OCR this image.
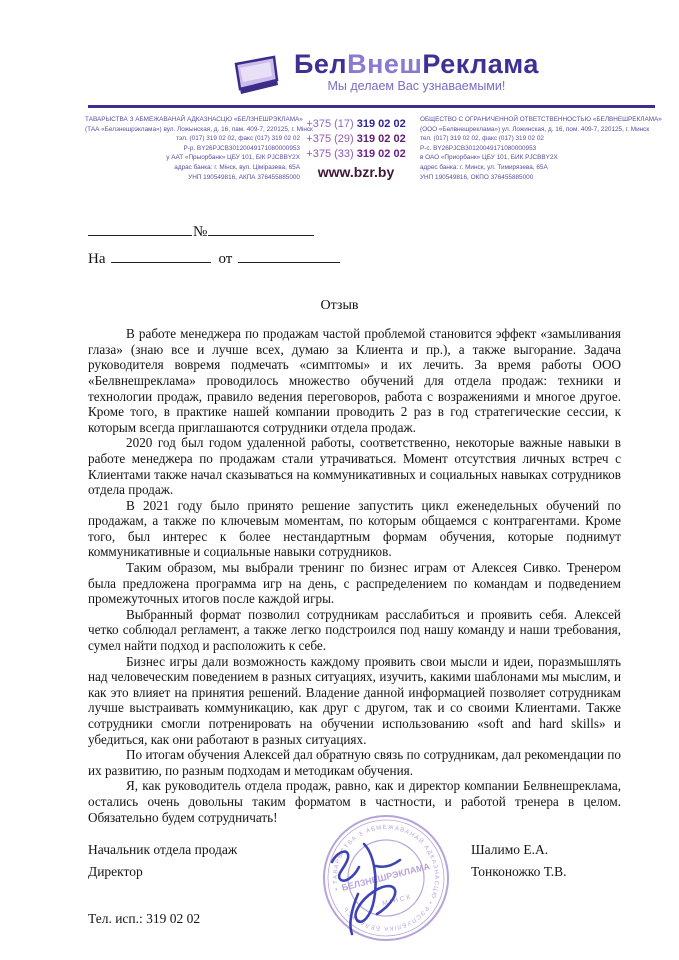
БелВнешРеклама
Мы делаем Вас узнаваемыми!
ТАВАРЫСТВА З АБМЕЖАВАНАЙ АДКАЗНАСЦЮ «БЕЛЗНЕШРЭКЛАМА»
(ТАА «Белзнешрэклама») вул. Ложынская, д. 16, пам. 409-7, 220125, г. Мінск
тэл. (017) 319 02 02, факс (017) 319 02 02
Р-р. BY26PJCB30120049171080000953
у ААТ «Прыорбанк» ЦБУ 101, БІК PJCBBY2X
адрас банка: г. Мінск, вул. Ціміразева, 65А
УНП 190549816, АКПА 376455885000
+375 (17) 319 02 02
+375 (29) 319 02 02
+375 (33) 319 02 02
www.bzr.by
ОБЩЕСТВО С ОГРАНИЧЕННОЙ ОТВЕТСТВЕННОСТЬЮ «БЕЛВНЕШРЕКЛАМА»
(ООО «Белвнешреклама») ул. Ложинская, д. 16, пом. 409-7, 220125, г. Минск
тел. (017) 319 02 02, факс (017) 319 02 02
Р-с. BY26PJCB30120049171080000953
в ОАО «Приорбанк» ЦБУ 101, БИК PJCBBY2X
адрес банка: г. Минск, ул. Тимирязева, 65А
УНП 190549816, ОКПО 376455885000
№
На	от
Отзыв

В работе менеджера по продажам частой проблемой становится эффект «замыливания глаза» (знаю все и лучше всех, думаю за Клиента и пр.), а также выгорание. Задача руководителя вовремя подмечать «симптомы» и их лечить. За время работы ООО «Белвнешреклама» проводилось множество обучений для отдела продаж: техники и технологии продаж, правило ведения переговоров, работа с возражениями и многое другое. Кроме того, в практике нашей компании проводить 2 раз в год стратегические сессии, к которым всегда приглашаются сотрудники отдела продаж.

2020 год был годом удаленной работы, соответственно, некоторые важные навыки в работе менеджера по продажам стали утрачиваться. Момент отсутствия личных встреч с Клиентами также начал сказываться на коммуникативных и социальных навыках сотрудников отдела продаж.

В 2021 году было принято решение запустить цикл еженедельных обучений по продажам, а также по ключевым моментам, по которым общаемся с контрагентами. Кроме того, был интерес к более нестандартным формам обучения, которые поднимут коммуникативные и социальные навыки сотрудников.

Таким образом, мы выбрали тренинг по бизнес играм от Алексея Сивко. Тренером была предложена программа игр на день, с распределением по командам и подведением промежуточных итогов после каждой игры.

Выбранный формат позволил сотрудникам расслабиться и проявить себя. Алексей четко соблюдал регламент, а также легко подстроился под нашу команду и наши требования, сумел найти подход и расположить к себе.

Бизнес игры дали возможность каждому проявить свои мысли и идеи, поразмышлять над человеческим поведением в разных ситуациях, изучить, какими шаблонами мы мыслим, и как это влияет на принятия решений. Владение данной информацией позволяет сотрудникам лучше выстраивать коммуникацию, как друг с другом, так и со своими Клиентами. Также сотрудники смогли потренировать на обучении использованию «soft and hard skills» и убедиться, как они работают в разных ситуациях.

По итогам обучения Алексей дал обратную связь по сотрудникам, дал рекомендации по их развитию, по разным подходам и методикам обучения.

Я, как руководитель отдела продаж, равно, как и директор компании Белвнешреклама, остались очень довольны таким форматом в частности, и работой тренера в целом. Обязательно будем сотрудничать!

Начальник отдела продаж
Директор
Шалимо Е.А.
Тонконожко Т.В.
Тел. исп.: 319 02 02
• ТАВАРЫСТВА З АБМЕЖАВАНАЙ АДКАЗНАСЦЮ • РЭСПУБЛІКА БЕЛАРУСЬ
БЕЛЗНЕШРЭКЛАМА
г. МІНСК
